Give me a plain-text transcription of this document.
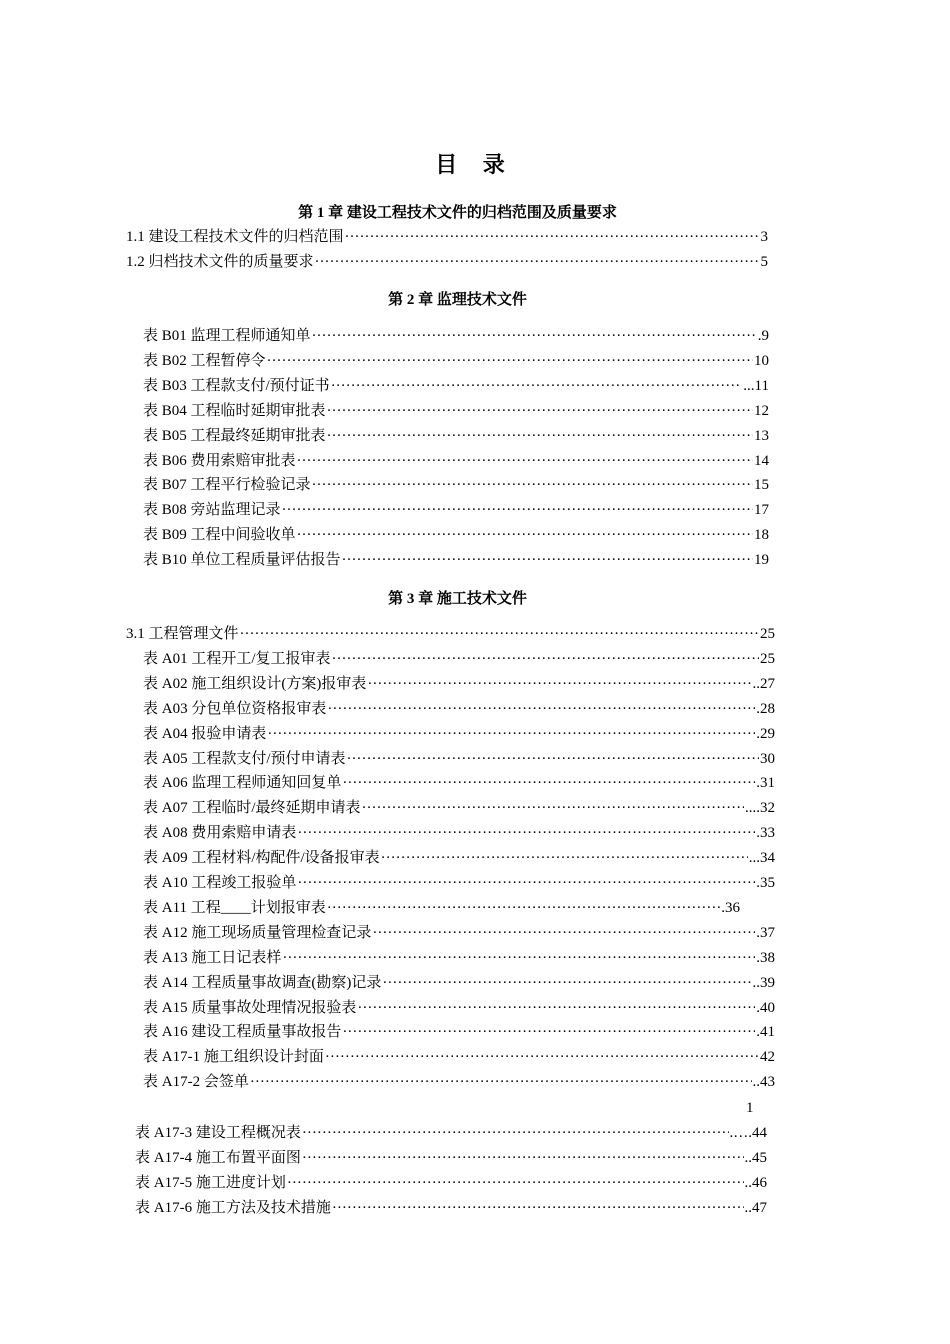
目 录
第 1 章 建设工程技术文件的归档范围及质量要求
1.1 建设工程技术文件的归档范围 ·····	3
1.2 归档技术文件的质量要求 ·····	5
第 2 章 监理技术文件
表 B01 监理工程师通知单 ·····	.9
表 B02 工程暂停令 ·····	10
表 B03 工程款支付/预付证书 ·····	...11
表 B04 工程临时延期审批表 ·····	12
表 B05 工程最终延期审批表 ·····	13
表 B06 费用索赔审批表 ·····	14
表 B07 工程平行检验记录 ·····	15
表 B08 旁站监理记录 ·····	17
表 B09 工程中间验收单 ·····	18
表 B10 单位工程质量评估报告 ·····	19
第 3 章 施工技术文件
3.1 工程管理文件 ·····	25
表 A01 工程开工/复工报审表 ·····	25
表 A02 施工组织设计(方案)报审表 ·····	..27
表 A03 分包单位资格报审表 ·····	.28
表 A04 报验申请表 ·····	.29
表 A05 工程款支付/预付申请表 ·····	30
表 A06 监理工程师通知回复单 ·····	.31
表 A07 工程临时/最终延期申请表 ·····	....32
表 A08 费用索赔申请表 ·····	.33
表 A09 工程材料/构配件/设备报审表 ·····	...34
表 A10 工程竣工报验单 ·····	.35
表 A11 工程____计划报审表 ·····	.36
表 A12 施工现场质量管理检查记录 ·····	.37
表 A13 施工日记表样 ·····	.38
表 A14 工程质量事故调查(勘察)记录 ·····	..39
表 A15 质量事故处理情况报验表 ·····	.40
表 A16 建设工程质量事故报告 ·····	.41
表 A17-1 施工组织设计封面 ·····	42
表 A17-2 会签单 ·····	..43
1
表 A17-3 建设工程概况表 ·····	.….44
表 A17-4 施工布置平面图 ·····	..45
表 A17-5 施工进度计划 ·····	..46
表 A17-6 施工方法及技术措施 ·····	..47
